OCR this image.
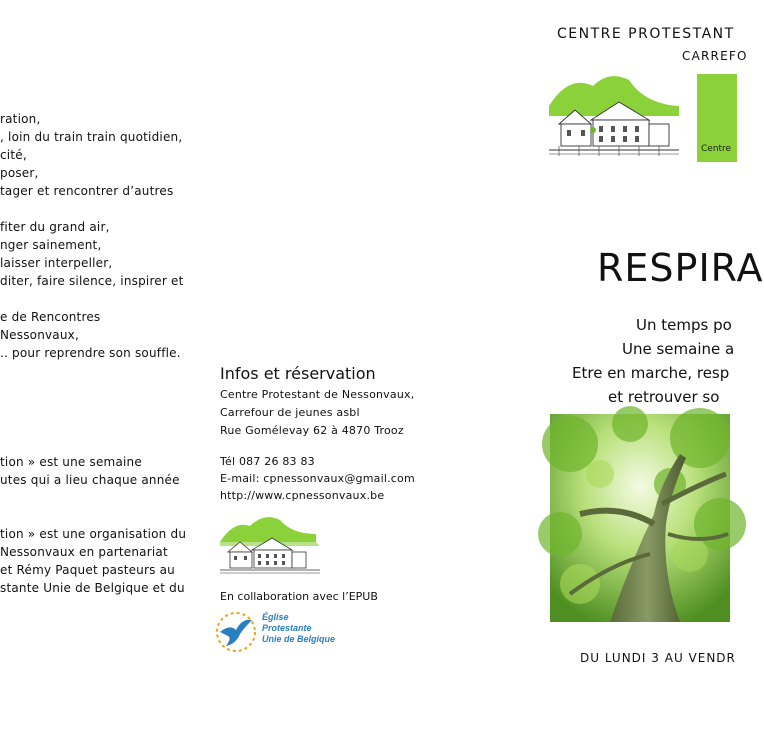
ration,
, loin du train train quotidien,
cité,
poser,
tager et rencontrer d’autres
fiter du grand air,
nger sainement,
laisser interpeller,
diter, faire silence, inspirer et
e de Rencontres
Nessonvaux,
.. pour reprendre son souffle.
tion » est une semaine
utes qui a lieu chaque année
tion » est une organisation du
Nessonvaux en partenariat
et Rémy Paquet pasteurs au
stante Unie de Belgique et du
Infos et réservation
Centre Protestant de Nessonvaux,
Carrefour de jeunes asbl
Rue Gomélevay 62 à 4870 Trooz
Tél 087 26 83 83
E-mail: cpnessonvaux@gmail.com
http://www.cpnessonvaux.be
En collaboration avec l’EPUB
Église
Protestante
Unie de Belgique
CENTRE PROTESTANT
CARREFO
Centre
RESPIRA
Un temps po
Une semaine a
Etre en marche, resp
et retrouver so
DU LUNDI 3 AU VENDR
